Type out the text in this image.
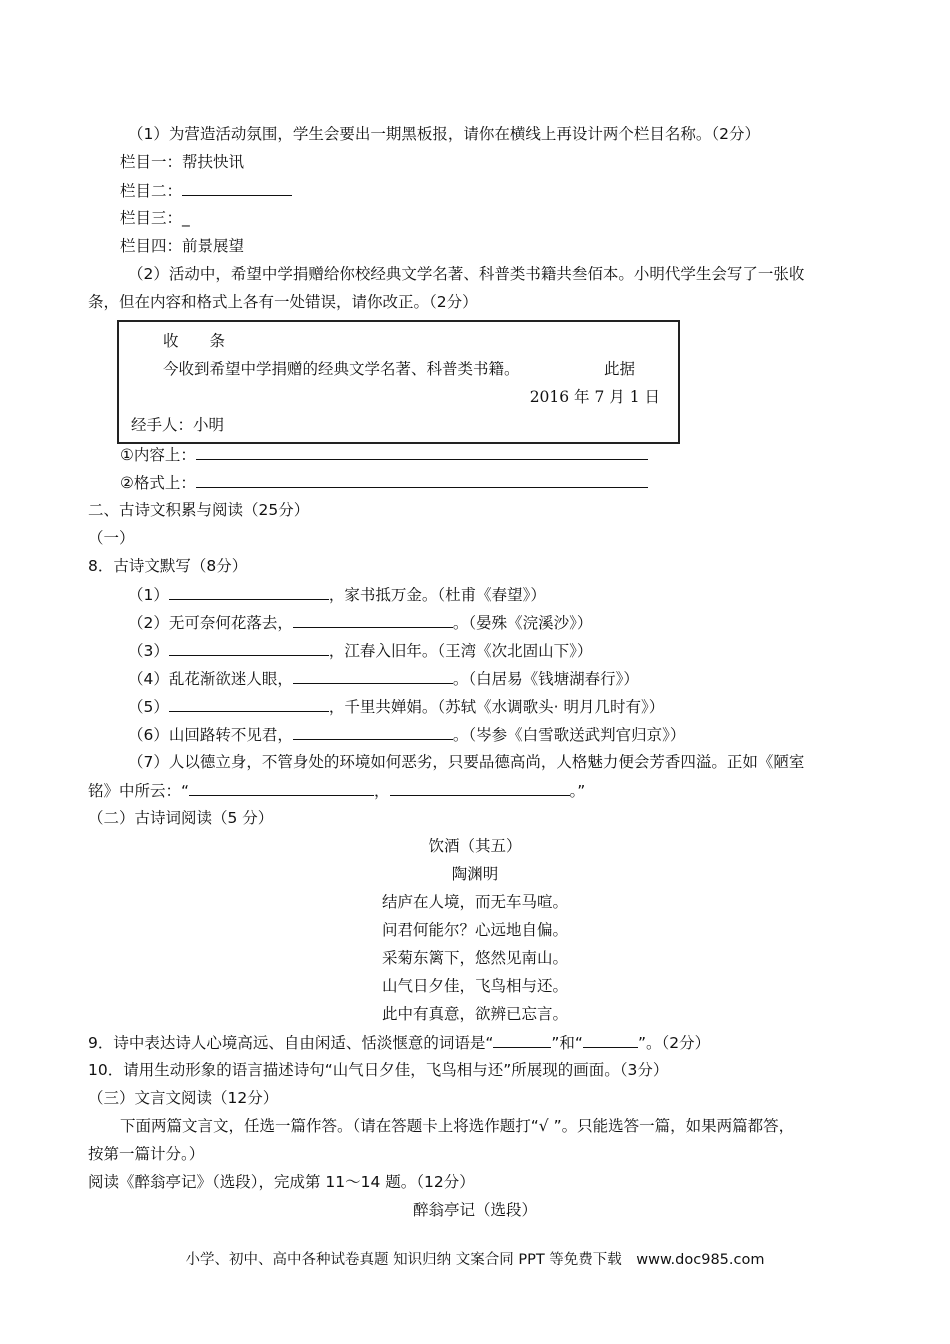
（1）为营造活动氛围，学生会要出一期黑板报，请你在横线上再设计两个栏目名称。（2分）
栏目一：帮扶快讯
栏目二：
栏目三：_
栏目四：前景展望
（2）活动中，希望中学捐赠给你校经典文学名著、科普类书籍共叁佰本。小明代学生会写了一张收
条，但在内容和格式上各有一处错误，请你改正。（2分）
收　　条
今收到希望中学捐赠的经典文学名著、科普类书籍。	此据
2016 年 7 月 1 日
经手人：小明
①内容上：
②格式上：
二、古诗文积累与阅读（25分）
（一）
8．古诗文默写（8分）
（1）	，家书抵万金。（杜甫《春望》）
（2）无可奈何花落去，	。（晏殊《浣溪沙》）
（3）	，江春入旧年。（王湾《次北固山下》）
（4）乱花渐欲迷人眼，	。（白居易《钱塘湖春行》）
（5）	，千里共婵娟。（苏轼《水调歌头· 明月几时有》）
（6）山回路转不见君，	。（岑参《白雪歌送武判官归京》）
（7）人以德立身，不管身处的环境如何恶劣，只要品德高尚，人格魅力便会芳香四溢。正如《陋室
铭》中所云：“	，	。”
（二）古诗词阅读（5 分）
饮酒（其五）
陶渊明
结庐在人境，而无车马喧。
问君何能尔？心远地自偏。
采菊东篱下，悠然见南山。
山气日夕佳，飞鸟相与还。
此中有真意，欲辨已忘言。
9．诗中表达诗人心境高远、自由闲适、恬淡惬意的词语是“	”和“	”。（2分）
10．请用生动形象的语言描述诗句“山气日夕佳，飞鸟相与还”所展现的画面。（3分）
（三）文言文阅读（12分）
下面两篇文言文，任选一篇作答。（请在答题卡上将选作题打“√ ”。只能选答一篇，如果两篇都答，
按第一篇计分。）
阅读《醉翁亭记》（选段），完成第 11～14 题。（12分）
醉翁亭记（选段）
小学、初中、高中各种试卷真题 知识归纳 文案合同 PPT 等免费下载　www.doc985.com
